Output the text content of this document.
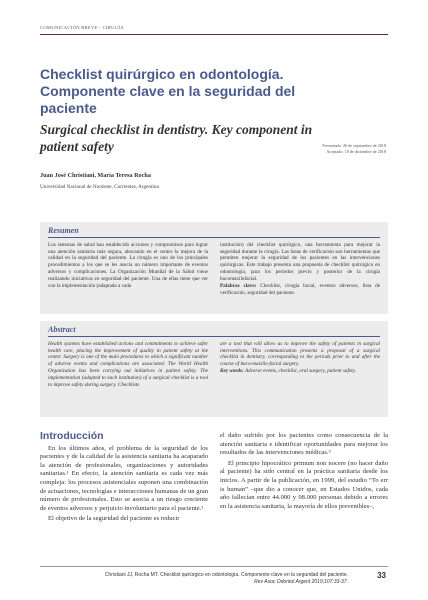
COMUNICACIÓN BREVE - CIRUGÍA
Checklist quirúrgico en odontología. Componente clave en la seguridad del paciente
Surgical checklist in dentistry. Key component in patient safety	Presentado: 26 de septiembre de 2018
Aceptado: 18 de diciembre de 2018
Juan José Christiani, María Teresa Rocha
Universidad Nacional de Nordeste, Corrientes, Argentina
Resumen
Los sistemas de salud han establecido acciones y compromisos para lograr una atención sanitaria más segura, abocando en el centro la mejora de la calidad en la seguridad del paciente. La cirugía es uno de los principales procedimientos a los que se les asocia un número importante de eventos adversos y complicaciones. La Organización Mundial de la Salud viene realizando iniciativas en seguridad del paciente. Una de ellas tiene que ver con la implementación (adaptada a cada
institución) del checklist quirúrgico, una herramienta para mejorar la seguridad durante la cirugía. Las listas de verificación son herramientas que permiten mejorar la seguridad de los pacientes en las intervenciones quirúrgicas. Este trabajo presenta una propuesta de checklist quirúrgico en odontología, para los períodos previo y posterior de la cirugía bucomaxilofacial.
Palabras clave: Checklist, cirugía bucal, eventos adversos, lista de verificación, seguridad del paciente.
Abstract
Health systems have established actions and commitments to achieve safer health care, placing the improvement of quality in patient safety at the center. Surgery is one of the main procedures to which a significant number of adverse events and complications are associated. The World Health Organization has been carrying out initiatives in patient safety. The implementation (adapted to each institution) of a surgical checklist is a tool to improve safety during surgery. Checklists
are a tool that will allow us to improve the safety of patients in surgical interventions. This communication presents a proposal of a surgical checklist in dentistry, corresponding to the periods prior to and after the course of buco-maxillo-facial surgery.
Key words: Adverse events, checklist, oral surgery, patient safety.
Introducción

En los últimos años, el problema de la seguridad de los pacientes y de la calidad de la asistencia sanitaria ha acaparado la atención de profesionales, organizaciones y autoridades sanitarias.¹ En efecto, la atención sanitaria es cada vez más compleja: los procesos asistenciales suponen una combinación de actuaciones, tecnologías e interacciones humanas de un gran número de profesionales. Esto se asocia a un riesgo creciente de eventos adversos y perjuicio involuntario para el paciente.²

El objetivo de la seguridad del paciente es reducir

el daño sufrido por los pacientes como consecuencia de la atención sanitaria e identificar oportunidades para mejorar los resultados de las intervenciones médicas.³

El principio hipocrático primum non nocere (no hacer daño al paciente) ha sido central en la práctica sanitaria desde los inicios. A partir de la publicación, en 1999, del estudio “To err is human” –que dio a conocer que, en Estados Unidos, cada año fallecían entre 44.000 y 98.000 personas debido a errores en la asistencia sanitaria, la mayoría de ellos prevenibles–,

Christiani JJ, Rocha MT. Checklist quirúrgico en odontología. Componente clave en la seguridad del paciente.
Rev Asoc Odontol Argent 2019;107:33-37.
33
